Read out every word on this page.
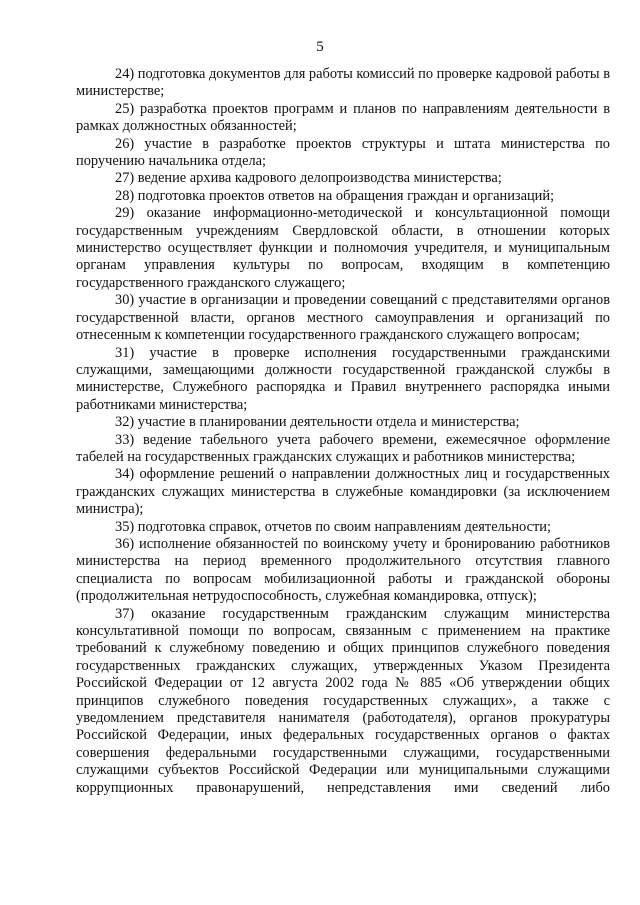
5

24) подготовка документов для работы комиссий по проверке кадровой работы в министерстве;

25) разработка проектов программ и планов по направлениям деятельности в рамках должностных обязанностей;

26) участие в разработке проектов структуры и штата министерства по поручению начальника отдела;

27) ведение архива кадрового делопроизводства министерства;

28) подготовка проектов ответов на обращения граждан и организаций;

29) оказание информационно-методической и консультационной помощи государственным учреждениям Свердловской области, в отношении которых министерство осуществляет функции и полномочия учредителя, и муниципальным органам управления культуры по вопросам, входящим в компетенцию государственного гражданского служащего;

30) участие в организации и проведении совещаний с представителями органов государственной власти, органов местного самоуправления и организаций по отнесенным к компетенции государственного гражданского служащего вопросам;

31) участие в проверке исполнения государственными гражданскими служащими, замещающими должности государственной гражданской службы в министерстве, Служебного распорядка и Правил внутреннего распорядка иными работниками министерства;

32) участие в планировании деятельности отдела и министерства;

33) ведение табельного учета рабочего времени, ежемесячное оформление табелей на государственных гражданских служащих и работников министерства;

34) оформление решений о направлении должностных лиц и государственных гражданских служащих министерства в служебные командировки (за исключением министра);

35) подготовка справок, отчетов по своим направлениям деятельности;

36) исполнение обязанностей по воинскому учету и бронированию работников министерства на период временного продолжительного отсутствия главного специалиста по вопросам мобилизационной работы и гражданской обороны (продолжительная нетрудоспособность, служебная командировка, отпуск);

37) оказание государственным гражданским служащим министерства консультативной помощи по вопросам, связанным с применением на практике требований к служебному поведению и общих принципов служебного поведения государственных гражданских служащих, утвержденных Указом Президента Российской Федерации от 12 августа 2002 года № 885 «Об утверждении общих принципов служебного поведения государственных служащих», а также с уведомлением представителя нанимателя (работодателя), органов прокуратуры Российской Федерации, иных федеральных государственных органов о фактах совершения федеральными государственными служащими, государственными служащими субъектов Российской Федерации или муниципальными служащими коррупционных правонарушений, непредставления ими сведений либо
